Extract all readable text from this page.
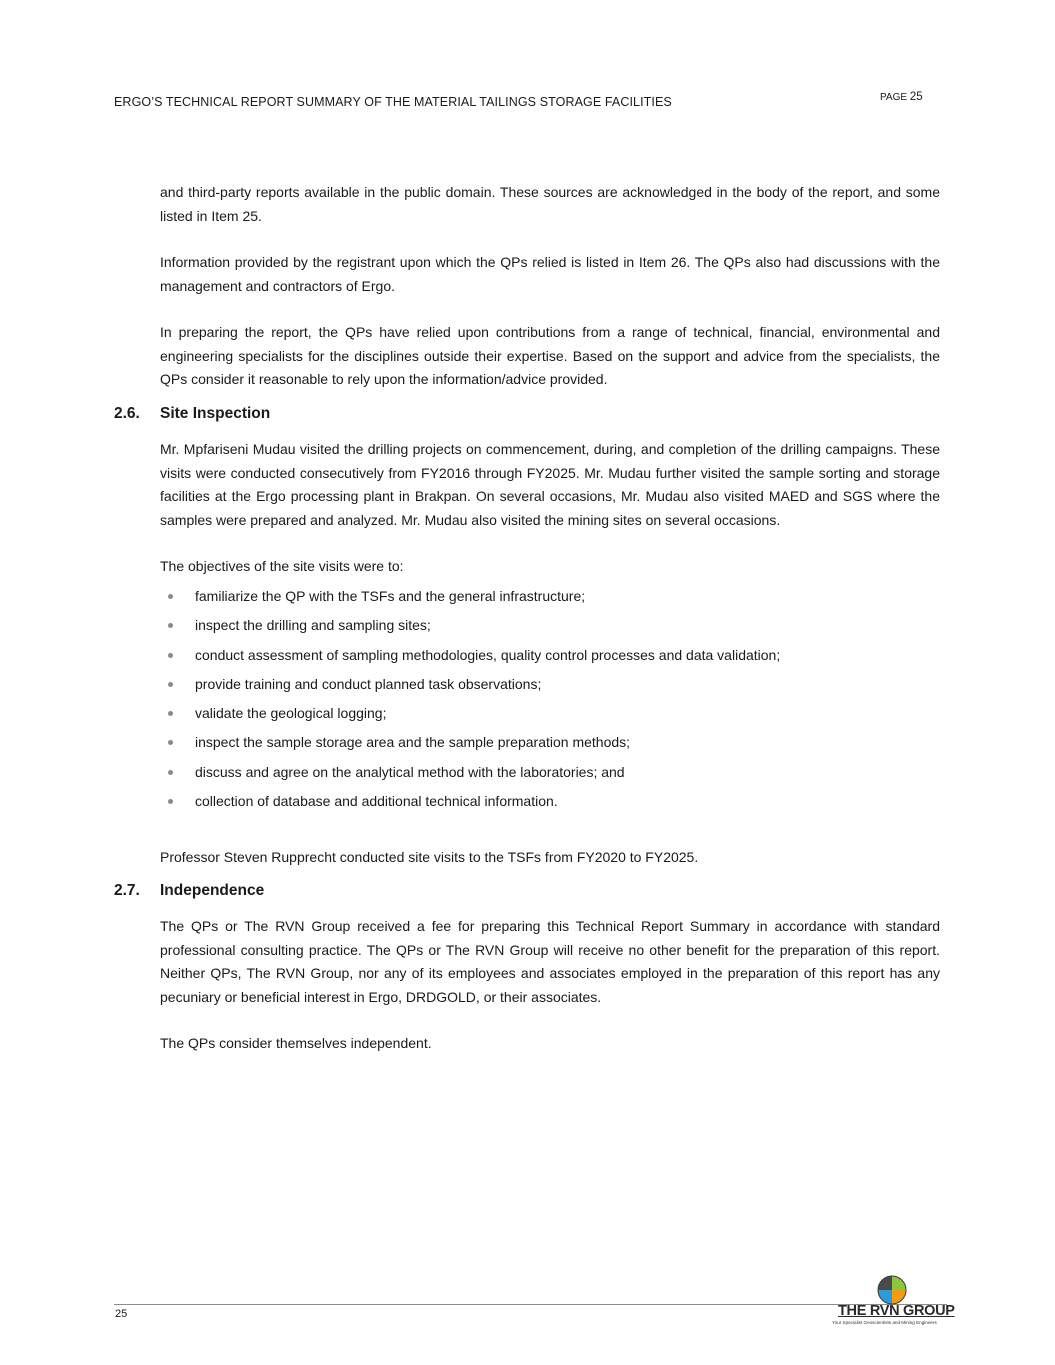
ERGO’S TECHNICAL REPORT SUMMARY OF THE MATERIAL TAILINGS STORAGE FACILITIES	PAGE 25

and third-party reports available in the public domain. These sources are acknowledged in the body of the report, and some listed in Item 25.

Information provided by the registrant upon which the QPs relied is listed in Item 26. The QPs also had discussions with the management and contractors of Ergo.

In preparing the report, the QPs have relied upon contributions from a range of technical, financial, environmental and engineering specialists for the disciplines outside their expertise. Based on the support and advice from the specialists, the QPs consider it reasonable to rely upon the information/advice provided.

2.6. Site Inspection

Mr. Mpfariseni Mudau visited the drilling projects on commencement, during, and completion of the drilling campaigns. These visits were conducted consecutively from FY2016 through FY2025. Mr. Mudau further visited the sample sorting and storage facilities at the Ergo processing plant in Brakpan. On several occasions, Mr. Mudau also visited MAED and SGS where the samples were prepared and analyzed. Mr. Mudau also visited the mining sites on several occasions.

The objectives of the site visits were to:

familiarize the QP with the TSFs and the general infrastructure;
inspect the drilling and sampling sites;
conduct assessment of sampling methodologies, quality control processes and data validation;
provide training and conduct planned task observations;
validate the geological logging;
inspect the sample storage area and the sample preparation methods;
discuss and agree on the analytical method with the laboratories; and
collection of database and additional technical information.

Professor Steven Rupprecht conducted site visits to the TSFs from FY2020 to FY2025.

2.7. Independence

The QPs or The RVN Group received a fee for preparing this Technical Report Summary in accordance with standard professional consulting practice. The QPs or The RVN Group will receive no other benefit for the preparation of this report. Neither QPs, The RVN Group, nor any of its employees and associates employed in the preparation of this report has any pecuniary or beneficial interest in Ergo, DRDGOLD, or their associates.

The QPs consider themselves independent.

25	THE RVN GROUP
Your Specialist Geoscientists and Mining Engineers
